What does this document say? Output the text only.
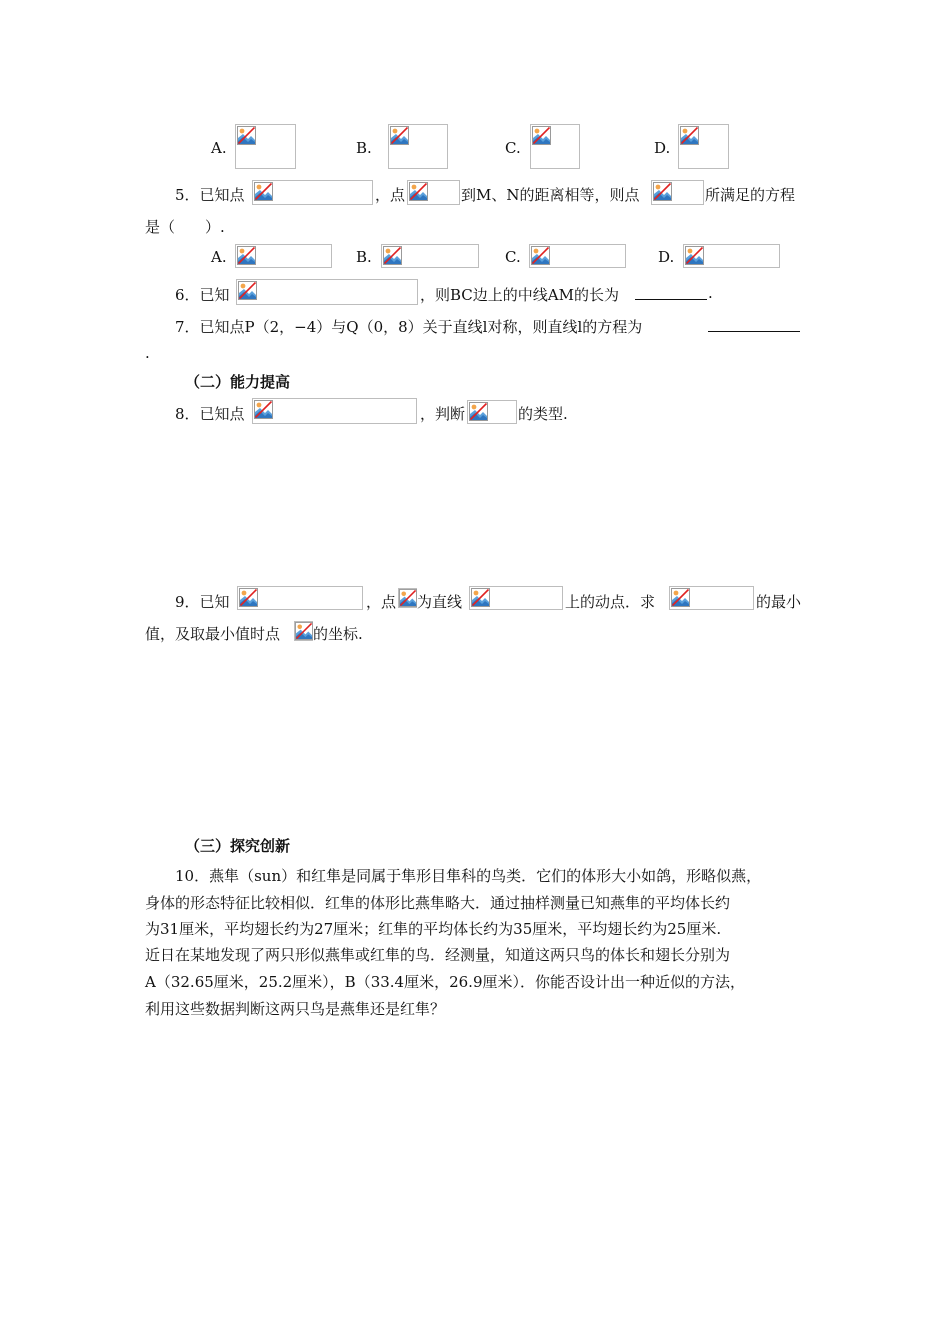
A.	B.	C.	D.
5．已知点	，点	到M、N的距离相等，则点	所满足的方程
是（　　）.
A.	B.	C.	D.
6．已知	，则BC边上的中线AM的长为	.
7．已知点P（2，−4）与Q（0，8）关于直线l对称，则直线l的方程为
.
（二）能力提高
8．已知点	，判断	的类型.
9．已知	，点 为直线	上的动点．求	的最小
值，及取最小值时点 的坐标.
（三）探究创新
10．燕隼（sun）和红隼是同属于隼形目隼科的鸟类．它们的体形大小如鸽，形略似燕，
身体的形态特征比较相似．红隼的体形比燕隼略大．通过抽样测量已知燕隼的平均体长约
为31厘米，平均翅长约为27厘米；红隼的平均体长约为35厘米，平均翅长约为25厘米.
近日在某地发现了两只形似燕隼或红隼的鸟．经测量，知道这两只鸟的体长和翅长分别为
A（32.65厘米，25.2厘米），B（33.4厘米，26.9厘米）．你能否设计出一种近似的方法，
利用这些数据判断这两只鸟是燕隼还是红隼？
